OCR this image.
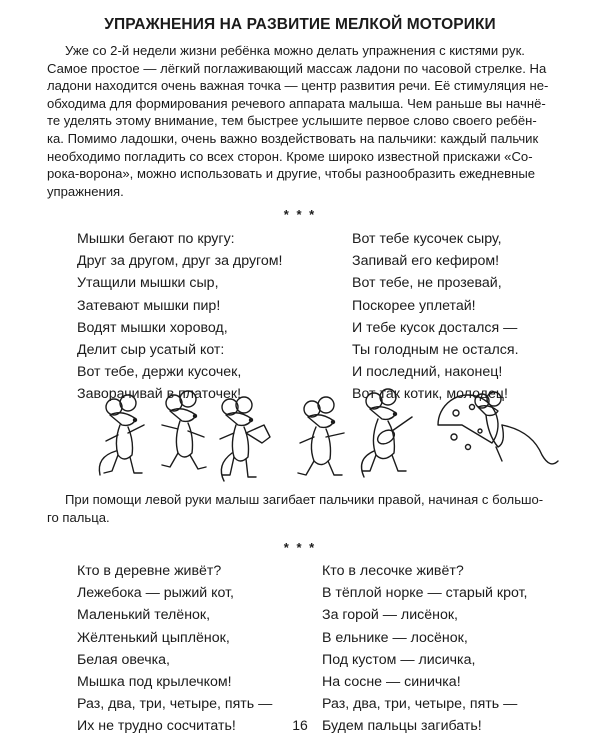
УПРАЖНЕНИЯ НА РАЗВИТИЕ МЕЛКОЙ МОТОРИКИ
Уже со 2-й недели жизни ребёнка можно делать упражнения с кистями рук.
Самое простое — лёгкий поглаживающий массаж ладони по часовой стрелке. На
ладони находится очень важная точка — центр развития речи. Её стимуляция не-
обходима для формирования речевого аппарата малыша. Чем раньше вы начнё-
те уделять этому внимание, тем быстрее услышите первое слово своего ребён-
ка. Помимо ладошки, очень важно воздействовать на пальчики: каждый пальчик
необходимо погладить со всех сторон. Кроме широко известной прискажи «Со-
рока-ворона», можно использовать и другие, чтобы разнообразить ежедневные
упражнения.
* * *
Мышки бегают по кругу:
Друг за другом, друг за другом!
Утащили мышки сыр,
Затевают мышки пир!
Водят мышки хоровод,
Делит сыр усатый кот:
Вот тебе, держи кусочек,
Заворачивай в платочек!
Вот тебе кусочек сыру,
Запивай его кефиром!
Вот тебе, не прозевай,
Поскорее уплетай!
И тебе кусок достался —
Ты голодным не остался.
И последний, наконец!
Вот так котик, молодец!
При помощи левой руки малыш загибает пальчики правой, начиная с большо-
го пальца.
* * *
Кто в деревне живёт?
Лежебока — рыжий кот,
Маленький телёнок,
Жёлтенький цыплёнок,
Белая овечка,
Мышка под крылечком!
Раз, два, три, четыре, пять —
Их не трудно сосчитать!
Кто в лесочке живёт?
В тёплой норке — старый крот,
За горой — лисёнок,
В ельнике — лосёнок,
Под кустом — лисичка,
На сосне — синичка!
Раз, два, три, четыре, пять —
Будем пальцы загибать!
16
